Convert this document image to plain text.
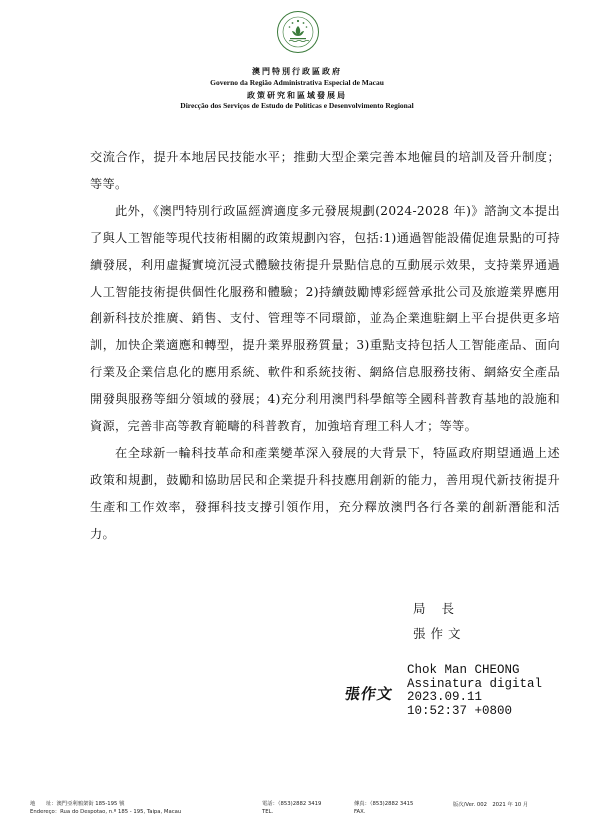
澳門特別行政區政府
Governo da Região Administrativa Especial de Macau
政策研究和區域發展局
Direcção dos Serviços de Estudo de Políticas e Desenvolvimento Regional

交流合作，提升本地居民技能水平；推動大型企業完善本地僱員的培訓及晉升制度；等等。

此外，《澳門特別行政區經濟適度多元發展規劃(2024-2028 年)》諮詢文本提出了與人工智能等現代技術相關的政策規劃內容，包括:1)通過智能設備促進景點的可持續發展，利用虛擬實境沉浸式體驗技術提升景點信息的互動展示效果，支持業界通過人工智能技術提供個性化服務和體驗；2)持續鼓勵博彩經營承批公司及旅遊業界應用創新科技於推廣、銷售、支付、管理等不同環節，並為企業進駐網上平台提供更多培訓，加快企業適應和轉型，提升業界服務質量；3)重點支持包括人工智能產品、面向行業及企業信息化的應用系統、軟件和系統技術、網絡信息服務技術、網絡安全產品開發與服務等細分領域的發展；4)充分利用澳門科學館等全國科普教育基地的設施和資源，完善非高等教育範疇的科普教育，加強培育理工科人才；等等。

在全球新一輪科技革命和產業變革深入發展的大背景下，特區政府期望通過上述政策和規劃，鼓勵和協助居民和企業提升科技應用創新的能力，善用現代新技術提升生產和工作效率，發揮科技支撐引領作用，充分釋放澳門各行各業的創新潛能和活力。

局 長
張作文
Chok Man CHEONG
Assinatura digital
2023.09.11
10:52:37 +0800
張作文
地　　址：澳門亞利鴉架街 185-195 號
Endereço：Rua do Despotao, n.º 185 - 195, Taipa, Macau
電話：（853)2882 3419
TEL.
傳真：（853)2882 3415
FAX.
版次/Ver. 002　2021 年 10 月
